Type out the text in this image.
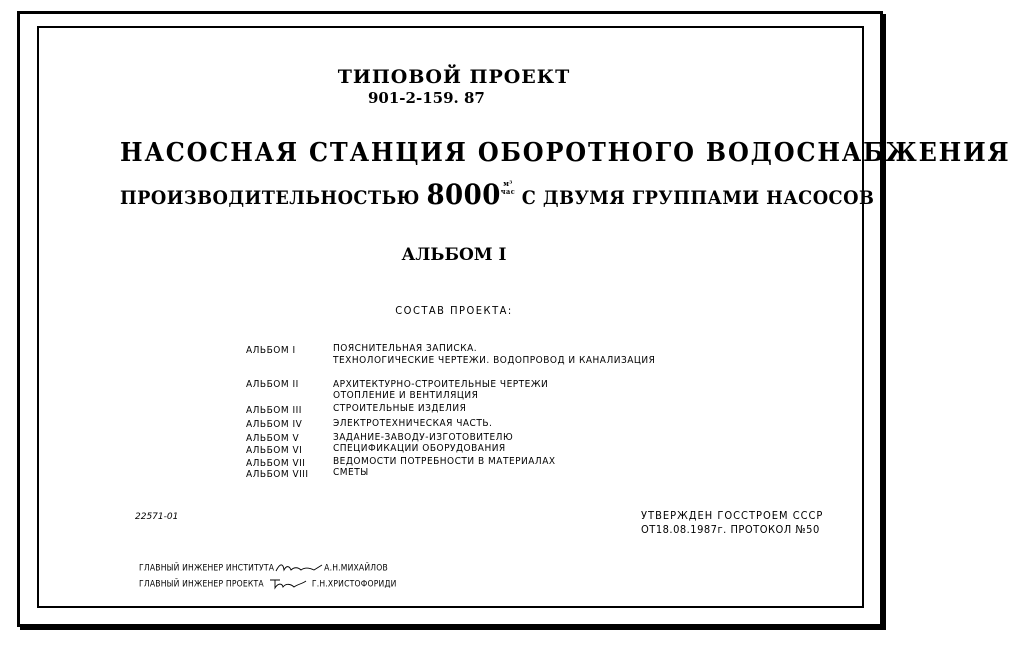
ТИПОВОЙ ПРОЕКТ
901-2-159. 87
НАСОСНАЯ СТАНЦИЯ ОБОРОТНОГО ВОДОСНАБЖЕНИЯ
ПРОИЗВОДИТЕЛЬНОСТЬЮ 8000 м³
час С ДВУМЯ ГРУППАМИ НАСОСОВ
АЛЬБОМ I
СОСТАВ ПРОЕКТА:
АЛЬБОМ I	ПОЯСНИТЕЛЬНАЯ ЗАПИСКА.
ТЕХНОЛОГИЧЕСКИЕ ЧЕРТЕЖИ. ВОДОПРОВОД И КАНАЛИЗАЦИЯ
АЛЬБОМ II	АРХИТЕКТУРНО-СТРОИТЕЛЬНЫЕ ЧЕРТЕЖИ
ОТОПЛЕНИЕ И ВЕНТИЛЯЦИЯ
АЛЬБОМ III	СТРОИТЕЛЬНЫЕ ИЗДЕЛИЯ
АЛЬБОМ IV	ЭЛЕКТРОТЕХНИЧЕСКАЯ ЧАСТЬ.
АЛЬБОМ V	ЗАДАНИЕ-ЗАВОДУ-ИЗГОТОВИТЕЛЮ
АЛЬБОМ VI	СПЕЦИФИКАЦИИ ОБОРУДОВАНИЯ
АЛЬБОМ VII	ВЕДОМОСТИ ПОТРЕБНОСТИ В МАТЕРИАЛАХ
АЛЬБОМ VIII СМЕТЫ
22571-01	УТВЕРЖДЕН ГОССТРОЕМ СССР
ОТ18.08.1987г. ПРОТОКОЛ №50
ГЛАВНЫЙ ИНЖЕНЕР ИНСТИТУТА	А.Н.МИХАЙЛОВ
ГЛАВНЫЙ ИНЖЕНЕР ПРОЕКТА	Г.Н.ХРИСТОФОРИДИ
